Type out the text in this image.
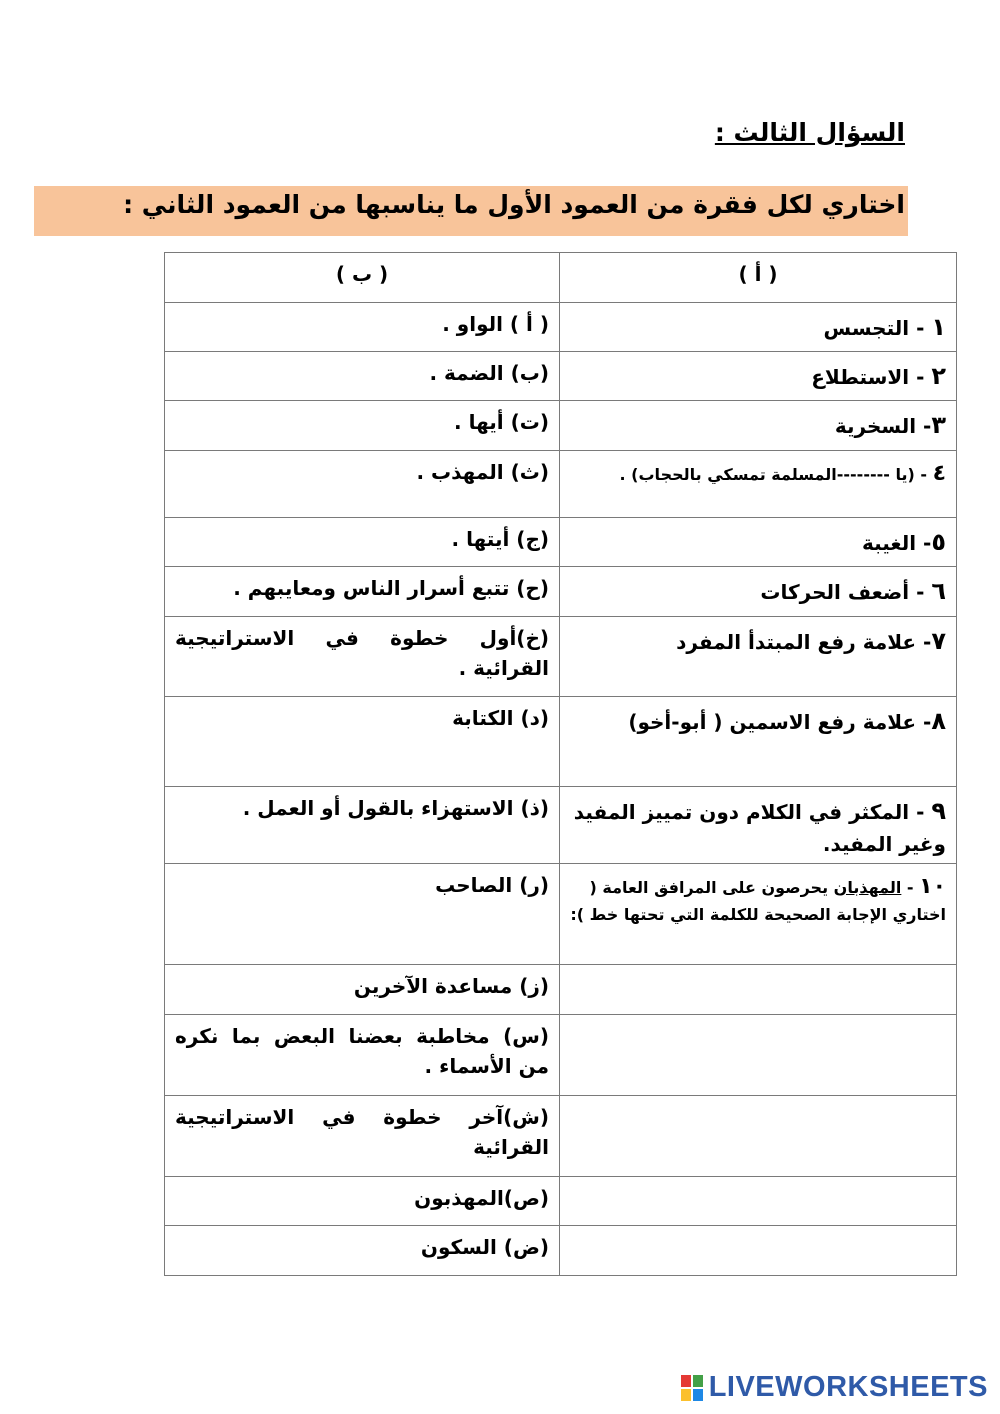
السؤال الثالث :
اختاري لكل فقرة من العمود الأول ما يناسبها من العمود الثاني :
( ب )	( أ )
( أ ) الواو .	١ - التجسس
(ب) الضمة .	٢ - الاستطلاع
(ت) أيها .	٣- السخرية
(ث) المهذب .	٤ - (يا --------المسلمة تمسكي بالحجاب) .
(ج) أيتها .	٥- الغيبة
(ح) تتبع أسرار الناس ومعايبهم .	٦ - أضعف الحركات
(خ)أول خطوة في الاستراتيجية القرائية .	٧- علامة رفع المبتدأ المفرد
(د) الكتابة	٨- علامة رفع الاسمين ( أبو-أخو)
(ذ) الاستهزاء بالقول أو العمل .	٩ - المكثر في الكلام دون تمييز المفيد وغير المفيد.
(ر) الصاحب	١٠ - المهذبان يحرصون على المرافق العامة ( اختاري الإجابة الصحيحة للكلمة التي تحتها خط ):
(ز) مساعدة الآخرين	
(س) مخاطبة بعضنا البعض بما نكره من الأسماء .	
(ش)آخر خطوة في الاستراتيجية القرائية	
(ص)المهذبون	
(ض) السكون	
LIVEWORKSHEETS
